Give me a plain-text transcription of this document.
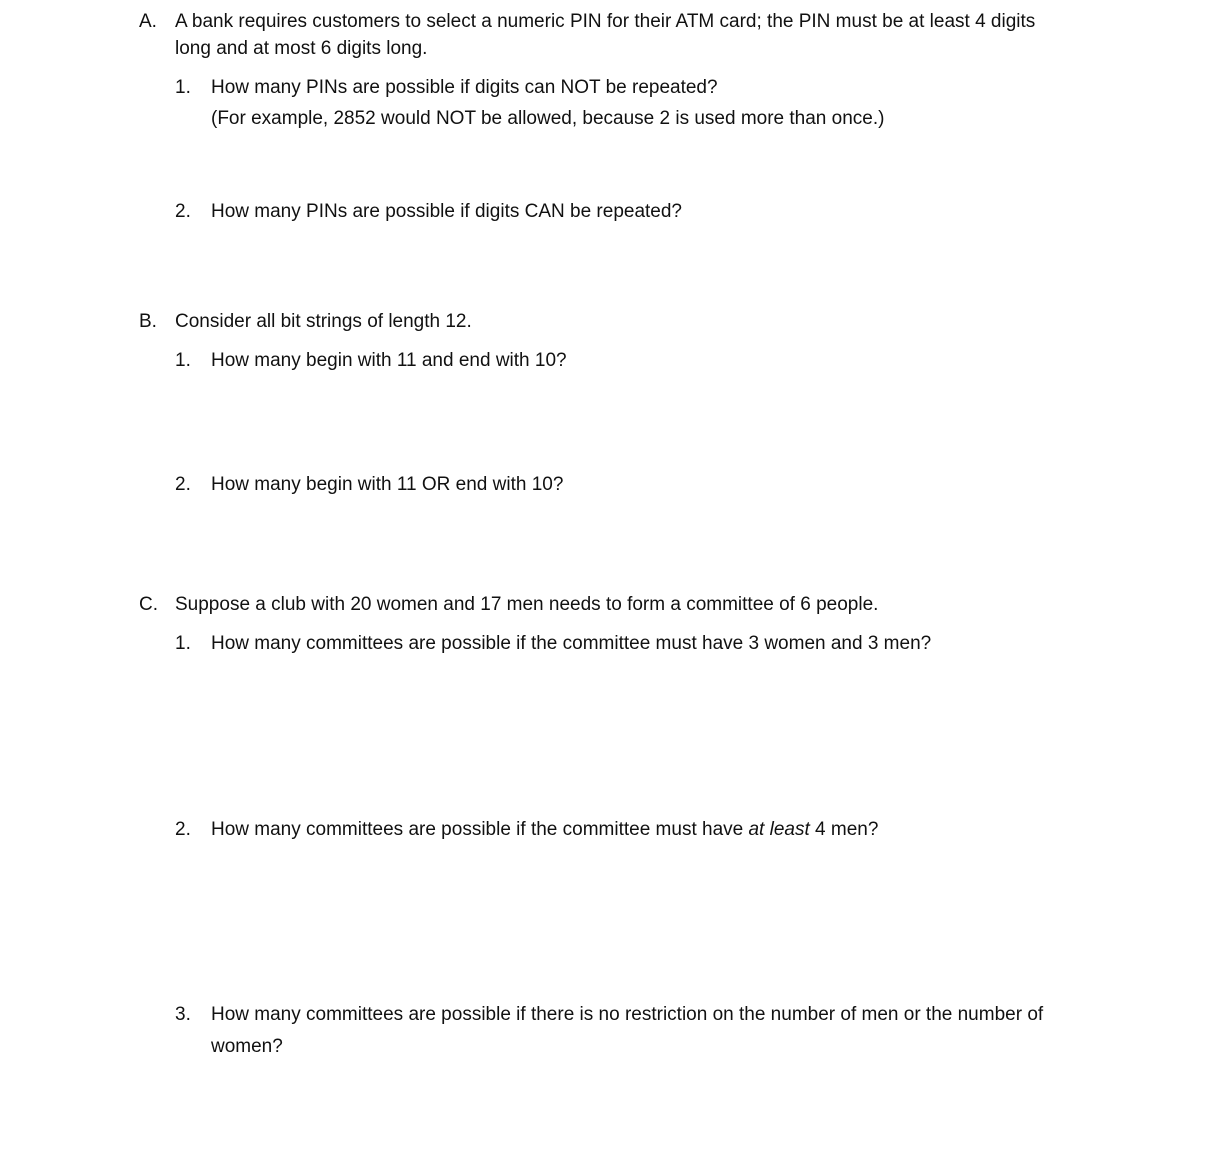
A. A bank requires customers to select a numeric PIN for their ATM card; the PIN must be at least 4 digits
long and at most 6 digits long.
1. How many PINs are possible if digits can NOT be repeated?
(For example, 2852 would NOT be allowed, because 2 is used more than once.)
2. How many PINs are possible if digits CAN be repeated?
B. Consider all bit strings of length 12.
1. How many begin with 11 and end with 10?
2. How many begin with 11 OR end with 10?
C. Suppose a club with 20 women and 17 men needs to form a committee of 6 people.
1. How many committees are possible if the committee must have 3 women and 3 men?
2. How many committees are possible if the committee must have at least 4 men?
3. How many committees are possible if there is no restriction on the number of men or the number of
women?
